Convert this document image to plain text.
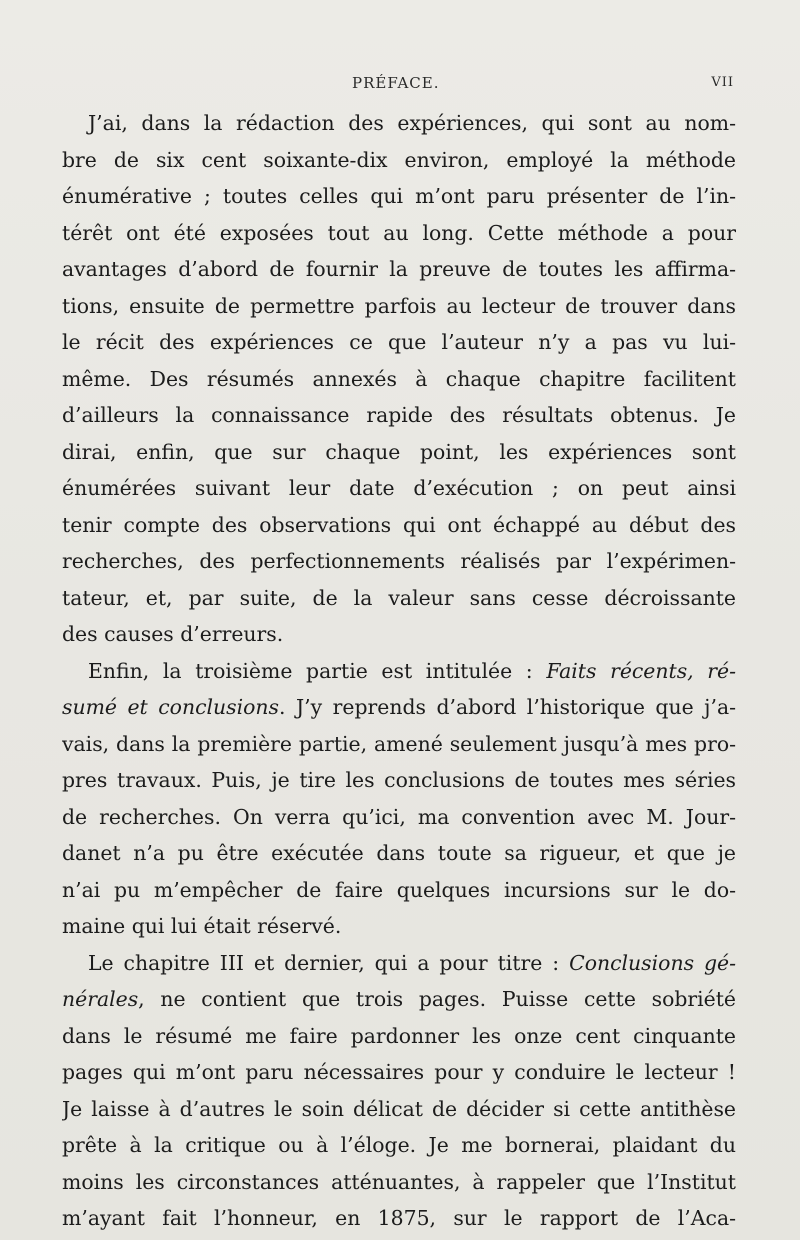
PRÉFACE.	VII
J’ai, dans la rédaction des expériences, qui sont au nom-
bre de six cent soixante-dix environ, employé la méthode
énumérative ; toutes celles qui m’ont paru présenter de l’in-
térêt ont été exposées tout au long. Cette méthode a pour
avantages d’abord de fournir la preuve de toutes les affirma-
tions, ensuite de permettre parfois au lecteur de trouver dans
le récit des expériences ce que l’auteur n’y a pas vu lui-
même. Des résumés annexés à chaque chapitre facilitent
d’ailleurs la connaissance rapide des résultats obtenus. Je
dirai, enfin, que sur chaque point, les expériences sont
énumérées suivant leur date d’exécution ; on peut ainsi
tenir compte des observations qui ont échappé au début des
recherches, des perfectionnements réalisés par l’expérimen-
tateur, et, par suite, de la valeur sans cesse décroissante
des causes d’erreurs.
Enfin, la troisième partie est intitulée : Faits récents, ré-
sumé et conclusions. J’y reprends d’abord l’historique que j’a-
vais, dans la première partie, amené seulement jusqu’à mes pro-
pres travaux. Puis, je tire les conclusions de toutes mes séries
de recherches. On verra qu’ici, ma convention avec M. Jour-
danet n’a pu être exécutée dans toute sa rigueur, et que je
n’ai pu m’empêcher de faire quelques incursions sur le do-
maine qui lui était réservé.
Le chapitre III et dernier, qui a pour titre : Conclusions gé-
nérales, ne contient que trois pages. Puisse cette sobriété
dans le résumé me faire pardonner les onze cent cinquante
pages qui m’ont paru nécessaires pour y conduire le lecteur !
Je laisse à d’autres le soin délicat de décider si cette antithèse
prête à la critique ou à l’éloge. Je me bornerai, plaidant du
moins les circonstances atténuantes, à rappeler que l’Institut
m’ayant fait l’honneur, en 1875, sur le rapport de l’Aca-
